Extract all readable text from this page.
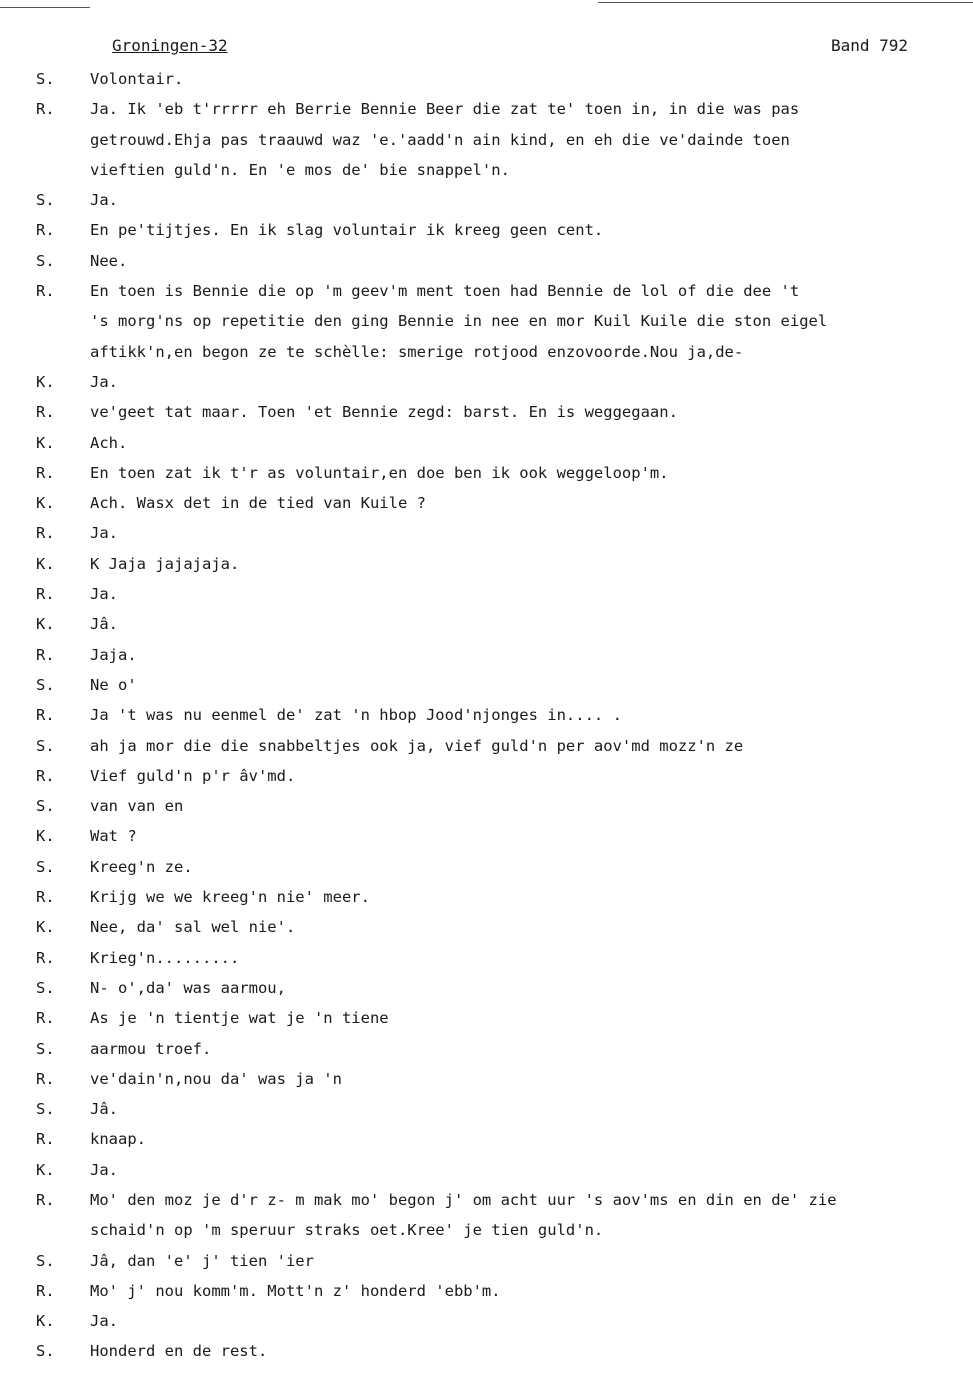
Groningen-32	Band 792
S.	Volontair.
R.	Ja. Ik 'eb t'rrrrr eh Berrie Bennie Beer die zat te' toen in, in die was pas
getrouwd.Ehja pas traauwd waz 'e.'aadd'n ain kind, en eh die ve'dainde toen
vieftien guld'n. En 'e mos de' bie snappel'n.
S.	Ja.
R.	En pe'tijtjes. En ik slag voluntair ik kreeg geen cent.
S.	Nee.
R.	En toen is Bennie die op 'm geev'm ment toen had Bennie de lol of die dee 't
's morg'ns op repetitie den ging Bennie in nee en mor Kuil Kuile die ston eigel
aftikk'n,en begon ze te schèlle: smerige rotjood enzovoorde.Nou ja,de-
K.	Ja.
R.	ve'geet tat maar. Toen 'et Bennie zegd: barst. En is weggegaan.
K.	Ach.
R.	En toen zat ik t'r as voluntair,en doe ben ik ook weggeloop'm.
K.	Ach. Wasx det in de tied van Kuile ?
R.	Ja.
K.	K Jaja jajajaja.
R.	Ja.
K.	Jâ.
R.	Jaja.
S.	Ne o'
R.	Ja 't was nu eenmel de' zat 'n hbop Jood'njonges in.... .
S.	ah ja mor die die snabbeltjes ook ja, vief guld'n per aov'md mozz'n ze
R.	Vief guld'n p'r âv'md.
S.	van van en
K.	Wat ?
S.	Kreeg'n ze.
R.	Krijg we we kreeg'n nie' meer.
K.	Nee, da' sal wel nie'.
R.	Krieg'n.........
S.	N- o',da' was aarmou,
R.	As je 'n tientje wat je 'n tiene
S.	aarmou troef.
R.	ve'dain'n,nou da' was ja 'n
S.	Jâ.
R.	knaap.
K.	Ja.
R.	Mo' den moz je d'r z- m mak mo' begon j' om acht uur 's aov'ms en din en de' zie
schaid'n op 'm speruur straks oet.Kree' je tien guld'n.
S.	Jâ, dan 'e' j' tien 'ier
R.	Mo' j' nou komm'm. Mott'n z' honderd 'ebb'm.
K.	Ja.
S.	Honderd en de rest.
